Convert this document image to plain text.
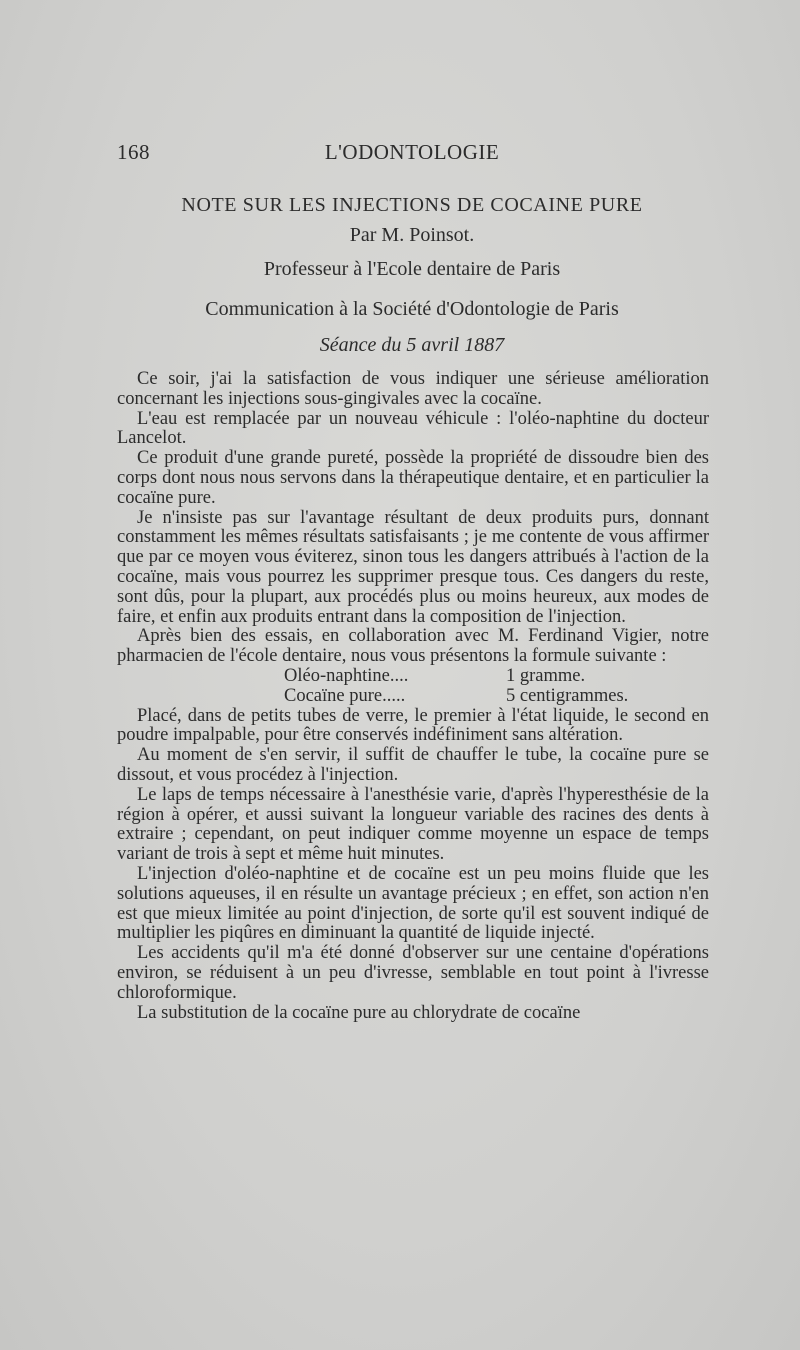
168	L'ODONTOLOGIE
NOTE SUR LES INJECTIONS DE COCAINE PURE
Par M. Poinsot.
Professeur à l'Ecole dentaire de Paris
Communication à la Société d'Odontologie de Paris
Séance du 5 avril 1887

Ce soir, j'ai la satisfaction de vous indiquer une sérieuse amélioration concernant les injections sous-gingivales avec la cocaïne.

L'eau est remplacée par un nouveau véhicule : l'oléo-naphtine du docteur Lancelot.

Ce produit d'une grande pureté, possède la propriété de dissoudre bien des corps dont nous nous servons dans la thérapeutique dentaire, et en particulier la cocaïne pure.

Je n'insiste pas sur l'avantage résultant de deux produits purs, donnant constamment les mêmes résultats satisfaisants ; je me contente de vous affirmer que par ce moyen vous éviterez, sinon tous les dangers attribués à l'action de la cocaïne, mais vous pourrez les supprimer presque tous. Ces dangers du reste, sont dûs, pour la plupart, aux procédés plus ou moins heureux, aux modes de faire, et enfin aux produits entrant dans la composition de l'injection.

Après bien des essais, en collaboration avec M. Ferdinand Vigier, notre pharmacien de l'école dentaire, nous vous présentons la formule suivante :

Oléo-naphtine....	1 gramme.
Cocaïne pure.....	5 centigrammes.

Placé, dans de petits tubes de verre, le premier à l'état liquide, le second en poudre impalpable, pour être conservés indéfiniment sans altération.

Au moment de s'en servir, il suffit de chauffer le tube, la cocaïne pure se dissout, et vous procédez à l'injection.

Le laps de temps nécessaire à l'anesthésie varie, d'après l'hyperesthésie de la région à opérer, et aussi suivant la longueur variable des racines des dents à extraire ; cependant, on peut indiquer comme moyenne un espace de temps variant de trois à sept et même huit minutes.

L'injection d'oléo-naphtine et de cocaïne est un peu moins fluide que les solutions aqueuses, il en résulte un avantage précieux ; en effet, son action n'en est que mieux limitée au point d'injection, de sorte qu'il est souvent indiqué de multiplier les piqûres en diminuant la quantité de liquide injecté.

Les accidents qu'il m'a été donné d'observer sur une centaine d'opérations environ, se réduisent à un peu d'ivresse, semblable en tout point à l'ivresse chloroformique.

La substitution de la cocaïne pure au chlorydrate de cocaïne
